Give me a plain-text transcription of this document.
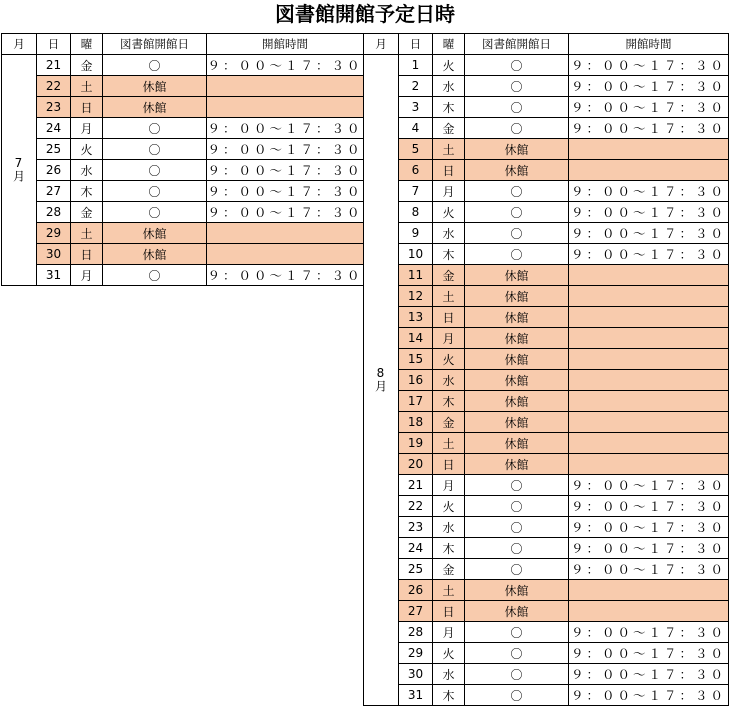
図書館開館予定日時
月	日	曜	図書館開館日	開館時間
7月	21	金	〇	９：００～１７：３０
	22	土	休館	
	23	日	休館	
	24	月	〇	９：００～１７：３０
	25	火	〇	９：００～１７：３０
	26	水	〇	９：００～１７：３０
	27	木	〇	９：００～１７：３０
	28	金	〇	９：００～１７：３０
	29	土	休館	
	30	日	休館	
	31	月	〇	９：００～１７：３０
月	日	曜	図書館開館日	開館時間
8月	1	火	〇	９：００～１７：３０
	2	水	〇	９：００～１７：３０
	3	木	〇	９：００～１７：３０
	4	金	〇	９：００～１７：３０
	5	土	休館	
	6	日	休館	
	7	月	〇	９：００～１７：３０
	8	火	〇	９：００～１７：３０
	9	水	〇	９：００～１７：３０
	10	木	〇	９：００～１７：３０
	11	金	休館	
	12	土	休館	
	13	日	休館	
	14	月	休館	
	15	火	休館	
	16	水	休館	
	17	木	休館	
	18	金	休館	
	19	土	休館	
	20	日	休館	
	21	月	〇	９：００～１７：３０
	22	火	〇	９：００～１７：３０
	23	水	〇	９：００～１７：３０
	24	木	〇	９：００～１７：３０
	25	金	〇	９：００～１７：３０
	26	土	休館	
	27	日	休館	
	28	月	〇	９：００～１７：３０
	29	火	〇	９：００～１７：３０
	30	水	〇	９：００～１７：３０
	31	木	〇	９：００～１７：３０
